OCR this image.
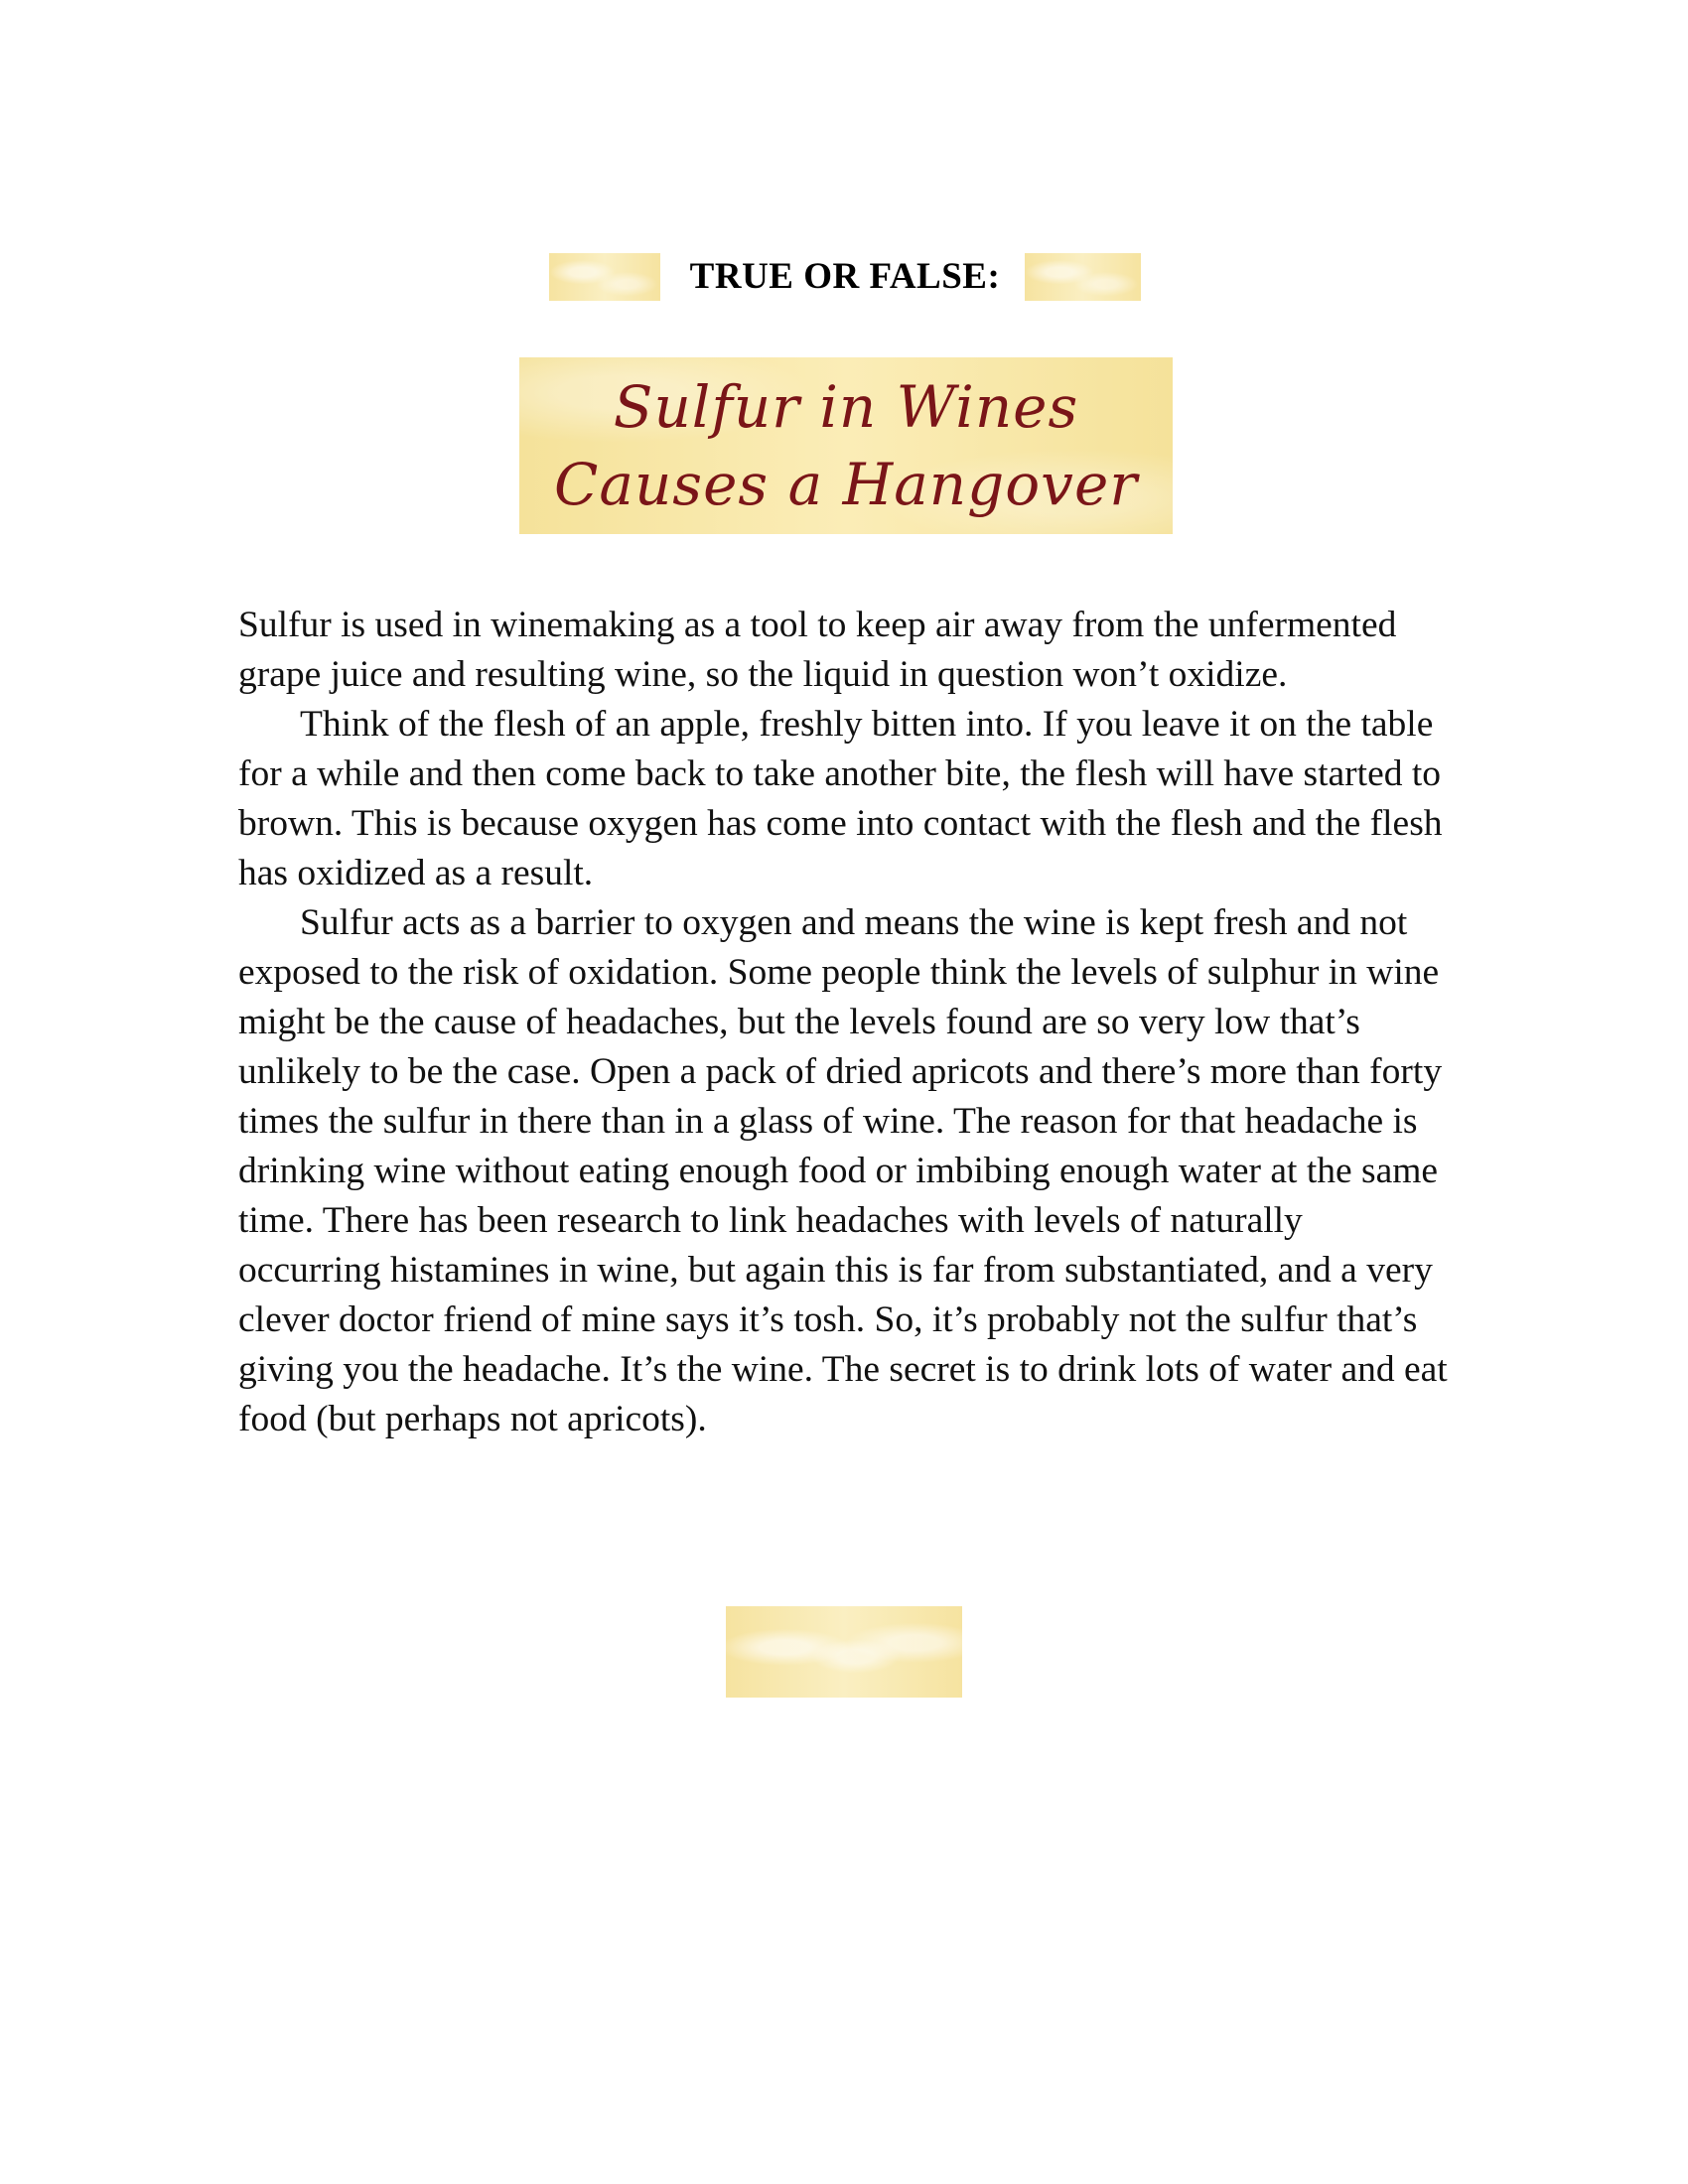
TRUE OR FALSE:
Sulfur in Wines
Causes a Hangover

Sulfur is used in winemaking as a tool to keep air away from the unfermented grape juice and resulting wine, so the liquid in question won’t oxidize.

Think of the flesh of an apple, freshly bitten into. If you leave it on the table for a while and then come back to take another bite, the flesh will have started to brown. This is because oxygen has come into contact with the flesh and the flesh has oxidized as a result.

Sulfur acts as a barrier to oxygen and means the wine is kept fresh and not exposed to the risk of oxidation. Some people think the levels of sulphur in wine might be the cause of headaches, but the levels found are so very low that’s unlikely to be the case. Open a pack of dried apricots and there’s more than forty times the sulfur in there than in a glass of wine. The reason for that headache is drinking wine without eating enough food or imbibing enough water at the same time. There has been research to link headaches with levels of naturally occurring histamines in wine, but again this is far from substantiated, and a very clever doctor friend of mine says it’s tosh. So, it’s probably not the sulfur that’s giving you the headache. It’s the wine. The secret is to drink lots of water and eat food (but perhaps not apricots).
